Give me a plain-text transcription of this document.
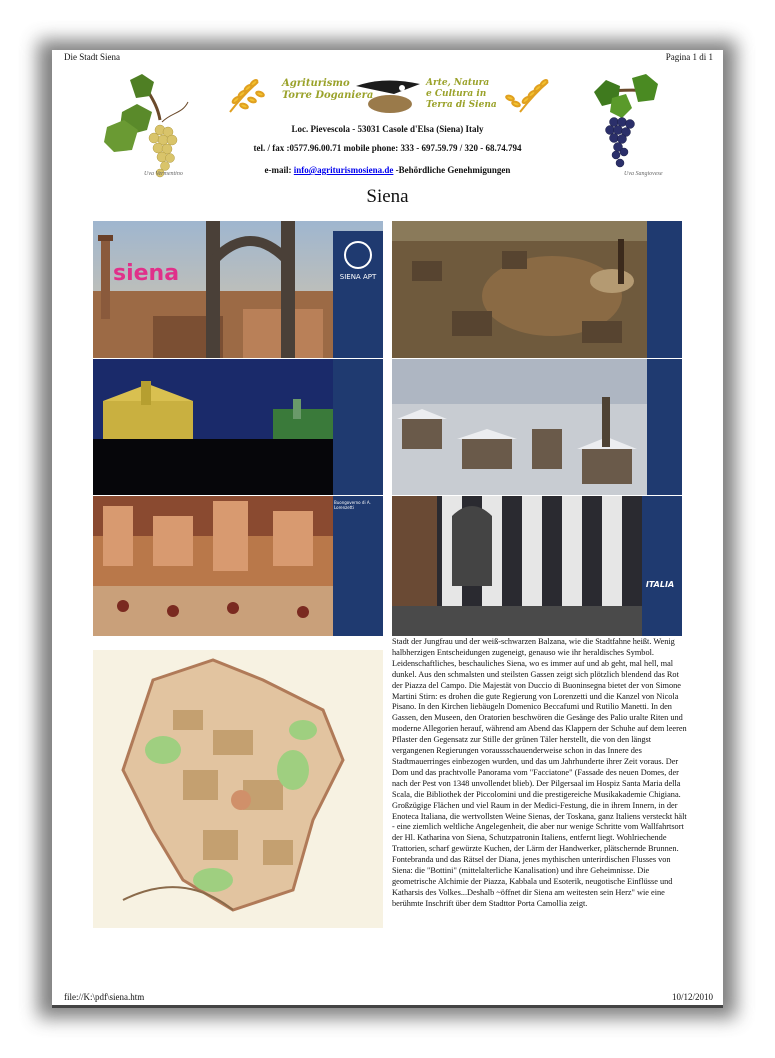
Die Stadt Siena	Pagina 1 di 1
Uva Vermentino	Uva Sangiovese
Agriturismo
Torre Doganiera
Arte, Natura
e Cultura in
Terra di Siena
Loc. Pievescola - 53031 Casole d'Elsa (Siena) Italy
tel. / fax :0577.96.00.71 mobile phone: 333 - 697.59.79 / 320 - 68.74.794
e-mail: info@agriturismosiena.de -Behördliche Genehmigungen
Siena
siena	SIENA APT
Buongoverno di A. Lorenzetti
ITALIA
Stadt der Jungfrau und der weiß-schwarzen Balzana, wie die Stadtfahne heißt. Wenig halbherzigen Entscheidungen zugeneigt, genauso wie ihr heraldisches Symbol. Leidenschaftliches, beschauliches Siena, wo es immer auf und ab geht, mal hell, mal dunkel. Aus den schmalsten und steilsten Gassen zeigt sich plötzlich blendend das Rot der Piazza del Campo. Die Majestät von Duccio di Buoninsegna bietet der von Simone Martini Stirn: es drohen die gute Regierung von Lorenzetti und die Kanzel von Nicola Pisano. In den Kirchen liebäugeln Domenico Beccafumi und Rutilio Manetti. In den Gassen, den Museen, den Oratorien beschwören die Gesänge des Palio uralte Riten und moderne Allegorien herauf, während am Abend das Klappern der Schuhe auf dem leeren Pflaster den Gegensatz zur Stille der grünen Täler herstellt, die von den längst vergangenen Regierungen voraussschauenderweise schon in das Innere des Stadtmauerringes einbezogen wurden, und das um Jahrhunderte ihrer Zeit voraus. Der Dom und das prachtvolle Panorama vom "Facciatone" (Fassade des neuen Domes, der nach der Pest von 1348 unvollendet blieb). Der Pilgersaal im Hospiz Santa Maria della Scala, die Bibliothek der Piccolomini und die prestigereiche Musikakademie Chigiana. Großzügige Flächen und viel Raum in der Medici-Festung, die in ihrem Innern, in der Enoteca Italiana, die wertvollsten Weine Sienas, der Toskana, ganz Italiens versteckt hält - eine ziemlich weltliche Angelegenheit, die aber nur wenige Schritte vom Wallfahrtsort der Hl. Katharina von Siena, Schutzpatronin Italiens, entfernt liegt. Wohlriechende Trattorien, scharf gewürzte Kuchen, der Lärm der Handwerker, plätschernde Brunnen. Fontebranda und das Rätsel der Diana, jenes mythischen unterirdischen Flusses von Siena: die "Bottini" (mittelalterliche Kanalisation) und ihre Geheimnisse. Die geometrische Alchimie der Piazza, Kabbala und Esoterik, neugotische Einflüsse und Katharsis des Volkes...Deshalb ~öffnet dir Siena am weitesten sein Herz" wie eine berühmte Inschrift über dem Stadttor Porta Camollia zeigt.
file://K:\pdf\siena.htm	10/12/2010
